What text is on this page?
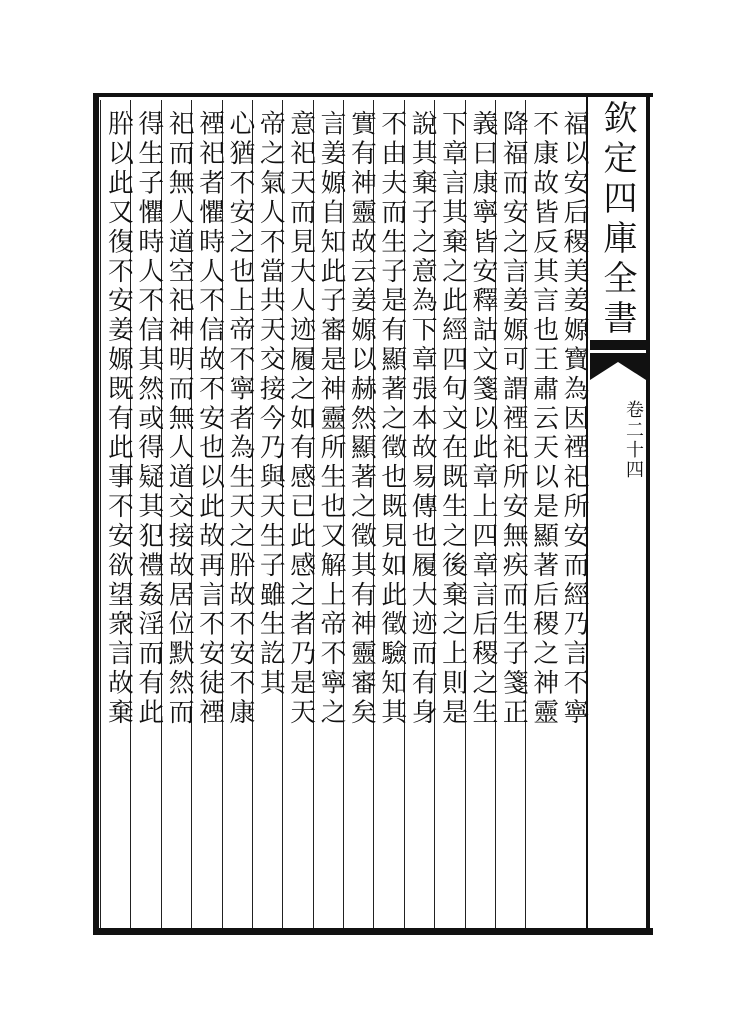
福以安后稷美姜嫄寶為因禋祀所安而經乃言不寧
不康故皆反其言也王肅云天以是顯著后稷之神靈
降福而安之言姜嫄可謂禋祀所安無疾而生子箋正
義曰康寧皆安釋詁文箋以此章上四章言后稷之生
下章言其棄之此經四句文在既生之後棄之上則是
說其棄子之意為下章張本故易傳也履大迹而有身
不由夫而生子是有顯著之徵也既見如此徵驗知其
實有神靈故云姜嫄以赫然顯著之徵其有神靈審矣
言姜嫄自知此子審是神靈所生也又解上帝不寧之
意祀天而見大人迹履之如有感已此感之者乃是天
帝之氣人不當共天交接今乃與天生子雖生訖其
心猶不安之也上帝不寧者為生天之肸故不安不康
禋祀者懼時人不信故不安也以此故再言不安徒禋
祀而無人道空祀神明而無人道交接故居位默然而
得生子懼時人不信其然或得疑其犯禮姦淫而有此
肸以此又復不安姜嫄既有此事不安欲望衆言故棄	欽定四庫全書
卷二十四
